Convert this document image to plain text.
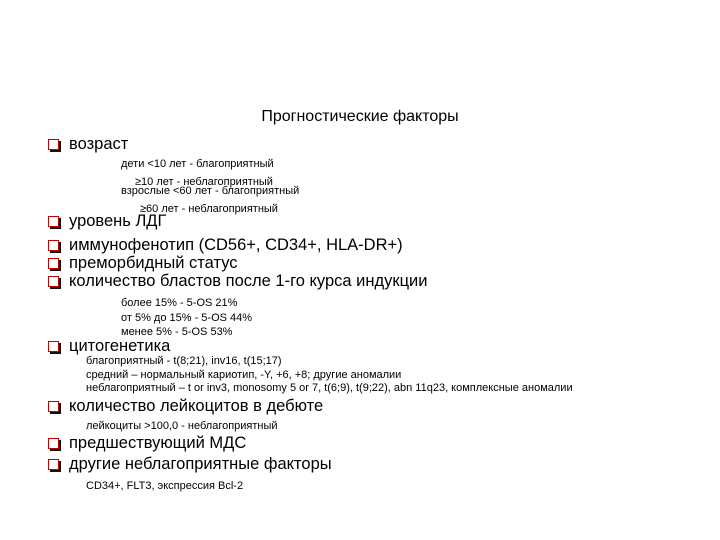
Прогностические факторы
возраст
дети <10 лет - благоприятный
≥10 лет - неблагоприятный
взрослые <60 лет - благоприятный
≥60 лет - неблагоприятный
уровень ЛДГ
иммунофенотип (CD56+, CD34+, HLA-DR+)
преморбидный статус
количество бластов после 1-го курса индукции
более 15% - 5-OS 21%
от 5% до 15% - 5-OS 44%
менее 5% - 5-OS 53%
цитогенетика
благоприятный - t(8;21), inv16, t(15;17)
средний – нормальный кариотип, -Y, +6, +8; другие аномалии
неблагоприятный – t or inv3, monosomy 5 or 7, t(6;9), t(9;22), abn 11q23, комплексные аномалии
количество лейкоцитов в дебюте
лейкоциты >100,0 - неблагоприятный
предшествующий МДС
другие неблагоприятные факторы
CD34+, FLT3, экспрессия Bcl-2
